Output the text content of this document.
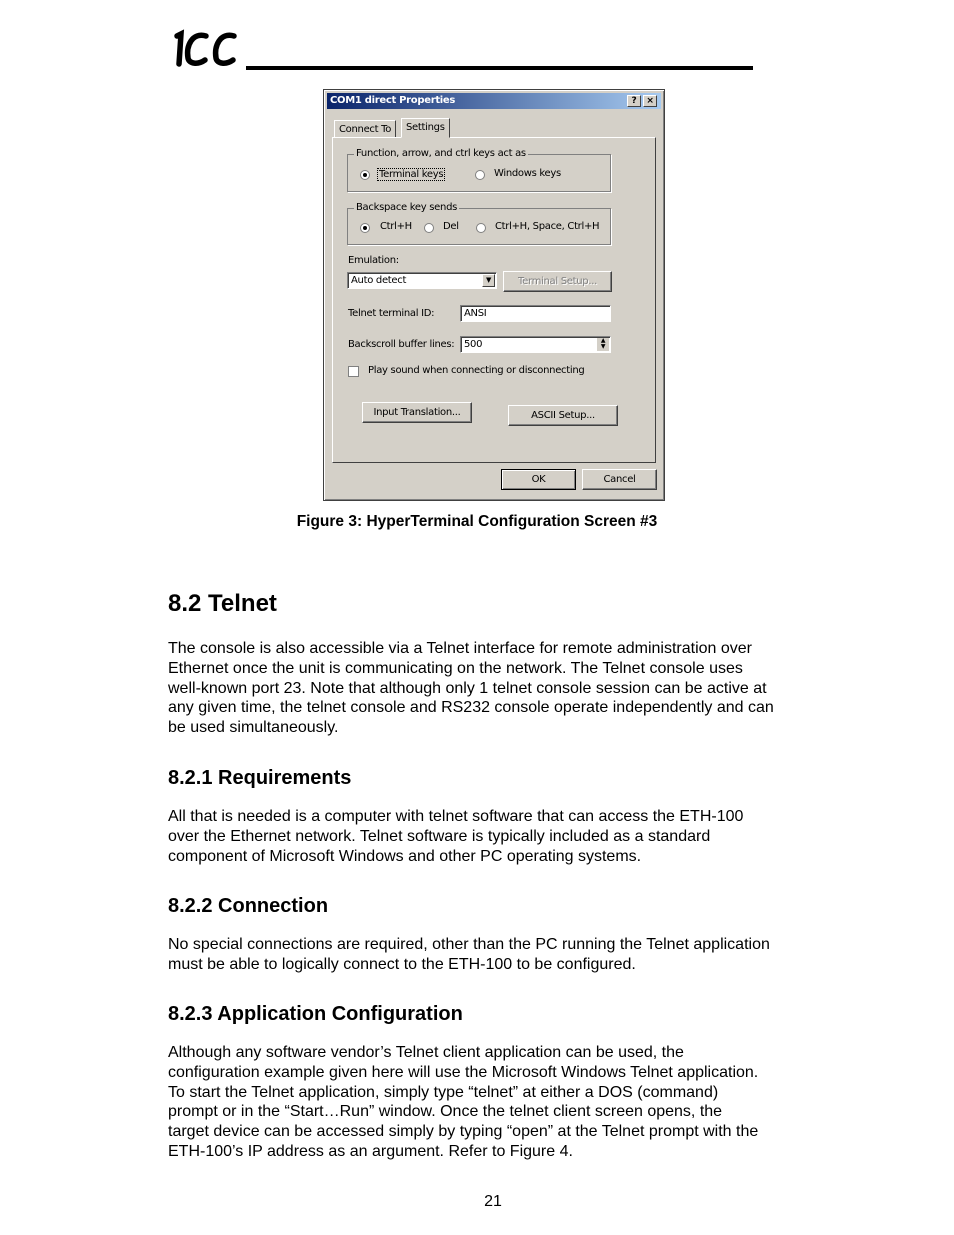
COM1 direct Properties	?	×
Connect To	Settings
Function, arrow, and ctrl keys act as
Terminal keys	Windows keys
Backspace key sends
Ctrl+H	Del	Ctrl+H, Space, Ctrl+H
Emulation:
Auto detect	▼	Terminal Setup...
Telnet terminal ID:	ANSI
Backscroll buffer lines: 500	▲
▼
Play sound when connecting or disconnecting
Input Translation...	ASCII Setup...
OK	Cancel
Figure 3: HyperTerminal Configuration Screen #3
8.2 Telnet
The console is also accessible via a Telnet interface for remote administration over
Ethernet once the unit is communicating on the network. The Telnet console uses
well-known port 23. Note that although only 1 telnet console session can be active at
any given time, the telnet console and RS232 console operate independently and can
be used simultaneously.
8.2.1 Requirements
All that is needed is a computer with telnet software that can access the ETH-100
over the Ethernet network. Telnet software is typically included as a standard
component of Microsoft Windows and other PC operating systems.
8.2.2 Connection
No special connections are required, other than the PC running the Telnet application
must be able to logically connect to the ETH-100 to be configured.
8.2.3 Application Configuration
Although any software vendor’s Telnet client application can be used, the
configuration example given here will use the Microsoft Windows Telnet application.
To start the Telnet application, simply type “telnet” at either a DOS (command)
prompt or in the “Start…Run” window. Once the telnet client screen opens, the
target device can be accessed simply by typing “open” at the Telnet prompt with the
ETH-100’s IP address as an argument. Refer to Figure 4.
21
